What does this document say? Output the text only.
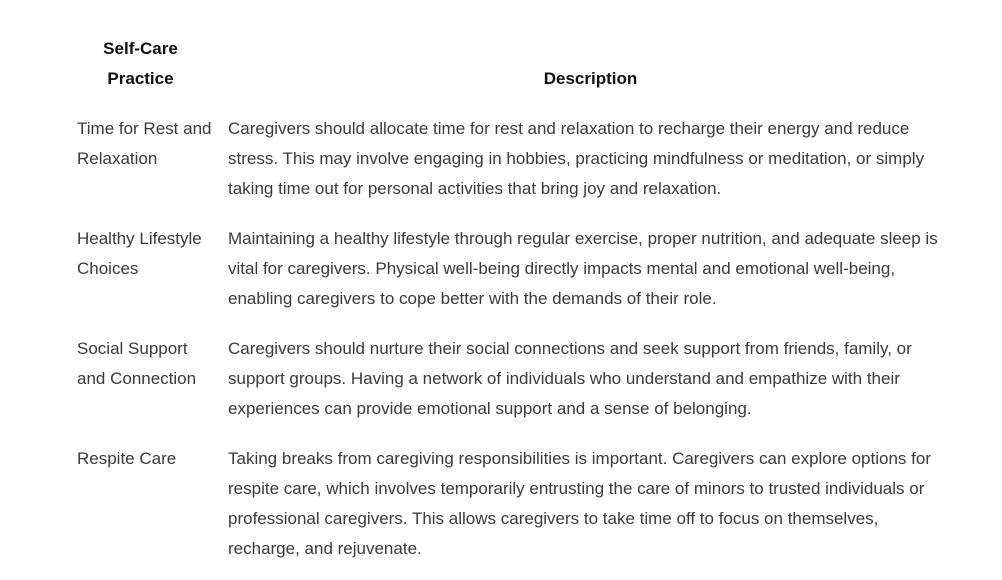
Self-Care Practice	Description
Time for Rest and Relaxation	Caregivers should allocate time for rest and relaxation to recharge their energy and reduce stress. This may involve engaging in hobbies, practicing mindfulness or meditation, or simply taking time out for personal activities that bring joy and relaxation.
Healthy Lifestyle Choices	Maintaining a healthy lifestyle through regular exercise, proper nutrition, and adequate sleep is vital for caregivers. Physical well-being directly impacts mental and emotional well-being, enabling caregivers to cope better with the demands of their role.
Social Support and Connection	Caregivers should nurture their social connections and seek support from friends, family, or support groups. Having a network of individuals who understand and empathize with their experiences can provide emotional support and a sense of belonging.
Respite Care	Taking breaks from caregiving responsibilities is important. Caregivers can explore options for respite care, which involves temporarily entrusting the care of minors to trusted individuals or professional caregivers. This allows caregivers to take time off to focus on themselves, recharge, and rejuvenate.
